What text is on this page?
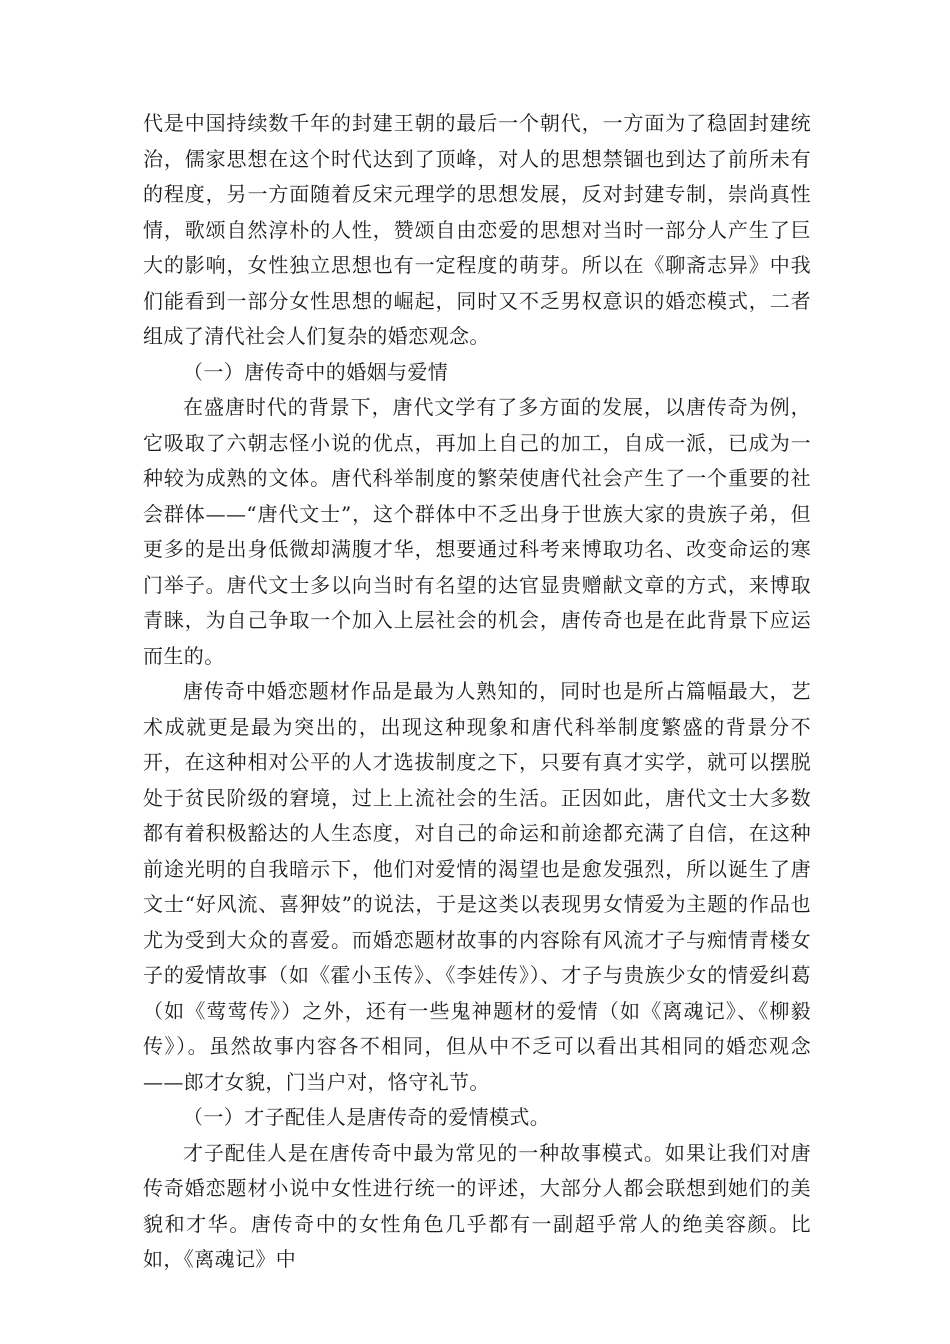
代是中国持续数千年的封建王朝的最后一个朝代，一方面为了稳固封建统治，儒家思想在这个时代达到了顶峰，对人的思想禁锢也到达了前所未有的程度，另一方面随着反宋元理学的思想发展，反对封建专制，崇尚真性情，歌颂自然淳朴的人性，赞颂自由恋爱的思想对当时一部分人产生了巨大的影响，女性独立思想也有一定程度的萌芽。所以在《聊斋志异》中我们能看到一部分女性思想的崛起，同时又不乏男权意识的婚恋模式，二者组成了清代社会人们复杂的婚恋观念。

（一）唐传奇中的婚姻与爱情

在盛唐时代的背景下，唐代文学有了多方面的发展，以唐传奇为例，它吸取了六朝志怪小说的优点，再加上自己的加工，自成一派，已成为一种较为成熟的文体。唐代科举制度的繁荣使唐代社会产生了一个重要的社会群体——“唐代文士”，这个群体中不乏出身于世族大家的贵族子弟，但更多的是出身低微却满腹才华，想要通过科考来博取功名、改变命运的寒门举子。唐代文士多以向当时有名望的达官显贵赠献文章的方式，来博取青睐，为自己争取一个加入上层社会的机会，唐传奇也是在此背景下应运而生的。

唐传奇中婚恋题材作品是最为人熟知的，同时也是所占篇幅最大，艺术成就更是最为突出的，出现这种现象和唐代科举制度繁盛的背景分不开，在这种相对公平的人才选拔制度之下，只要有真才实学，就可以摆脱处于贫民阶级的窘境，过上上流社会的生活。正因如此，唐代文士大多数都有着积极豁达的人生态度，对自己的命运和前途都充满了自信，在这种前途光明的自我暗示下，他们对爱情的渴望也是愈发强烈，所以诞生了唐文士“好风流、喜狎妓”的说法，于是这类以表现男女情爱为主题的作品也尤为受到大众的喜爱。而婚恋题材故事的内容除有风流才子与痴情青楼女子的爱情故事（如《霍小玉传》、《李娃传》）、才子与贵族少女的情爱纠葛（如《莺莺传》）之外，还有一些鬼神题材的爱情（如《离魂记》、《柳毅传》）。虽然故事内容各不相同，但从中不乏可以看出其相同的婚恋观念——郎才女貌，门当户对，恪守礼节。

（一）才子配佳人是唐传奇的爱情模式。

才子配佳人是在唐传奇中最为常见的一种故事模式。如果让我们对唐传奇婚恋题材小说中女性进行统一的评述，大部分人都会联想到她们的美貌和才华。唐传奇中的女性角色几乎都有一副超乎常人的绝美容颜。比如，《离魂记》中
